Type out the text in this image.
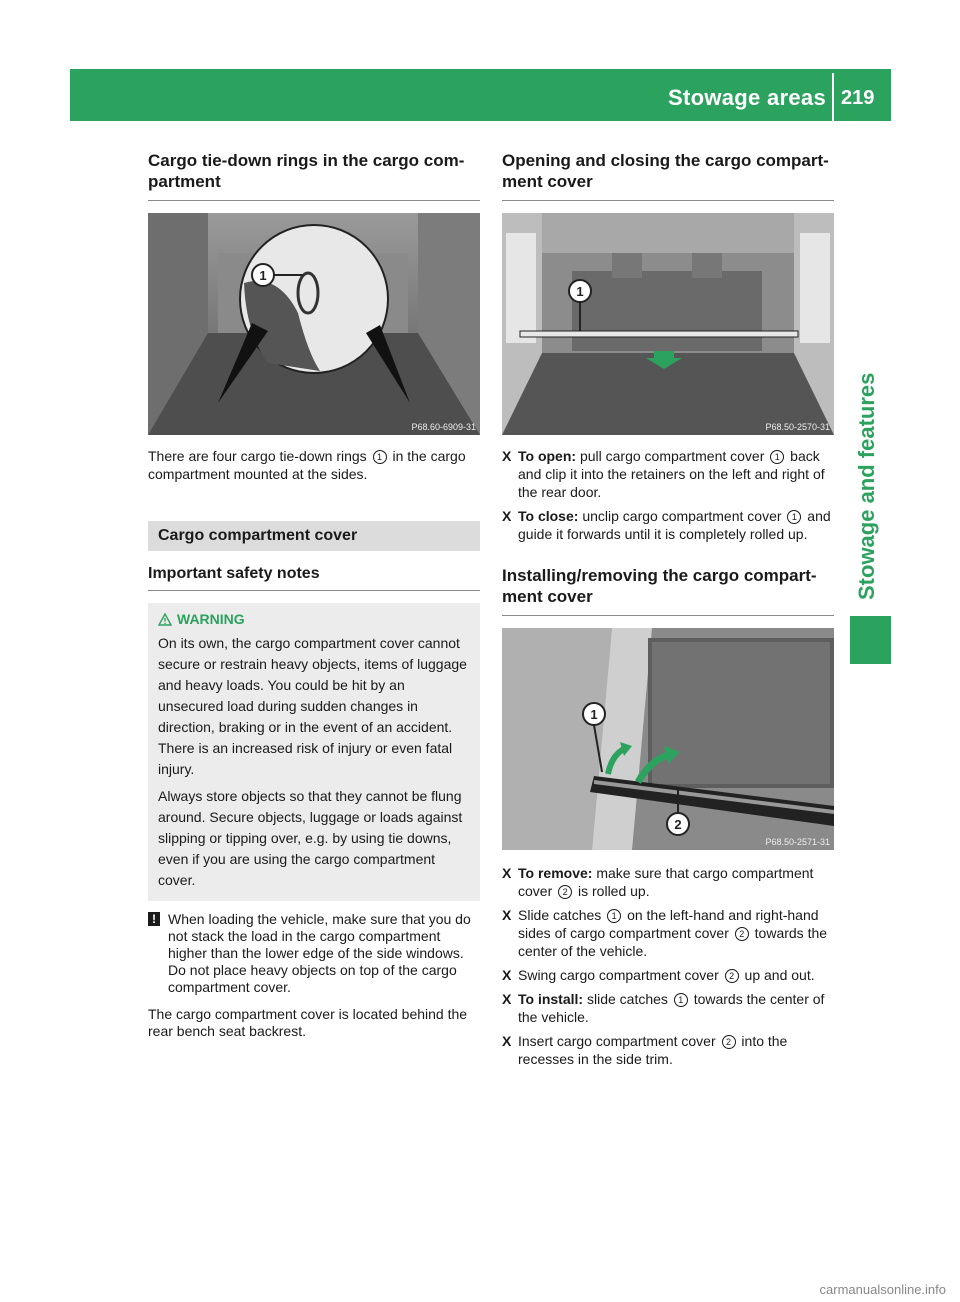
Stowage areas 219
Stowage and features
Cargo tie-down rings in the cargo com-
partment
1
P68.60-6909-31

There are four cargo tie-down rings 1 in the cargo compartment mounted at the sides.

Cargo compartment cover
Important safety notes
WARNING

On its own, the cargo compartment cover cannot secure or restrain heavy objects, items of luggage and heavy loads. You could be hit by an unsecured load during sudden changes in direction, braking or in the event of an accident. There is an increased risk of injury or even fatal injury.

Always store objects so that they cannot be flung around. Secure objects, luggage or loads against slipping or tipping over, e.g. by using tie downs, even if you are using the cargo compartment cover.

! When loading the vehicle, make sure that you do not stack the load in the cargo compartment higher than the lower edge of the side windows. Do not place heavy objects on top of the cargo compartment cover.

The cargo compartment cover is located behind the rear bench seat backrest.

Opening and closing the cargo compart-
ment cover
1
P68.50-2570-31
X To open: pull cargo compartment cover 1 back and clip it into the retainers on the left and right of the rear door.
X To close: unclip cargo compartment cover 1 and guide it forwards until it is completely rolled up.
Installing/removing the cargo compart-
ment cover
1
2
P68.50-2571-31
X To remove: make sure that cargo compartment cover 2 is rolled up.
X Slide catches 1 on the left-hand and right-hand sides of cargo compartment cover 2 towards the center of the vehicle.
X Swing cargo compartment cover 2 up and out.
X To install: slide catches 1 towards the center of the vehicle.
X Insert cargo compartment cover 2 into the recesses in the side trim.
carmanualsonline.info
